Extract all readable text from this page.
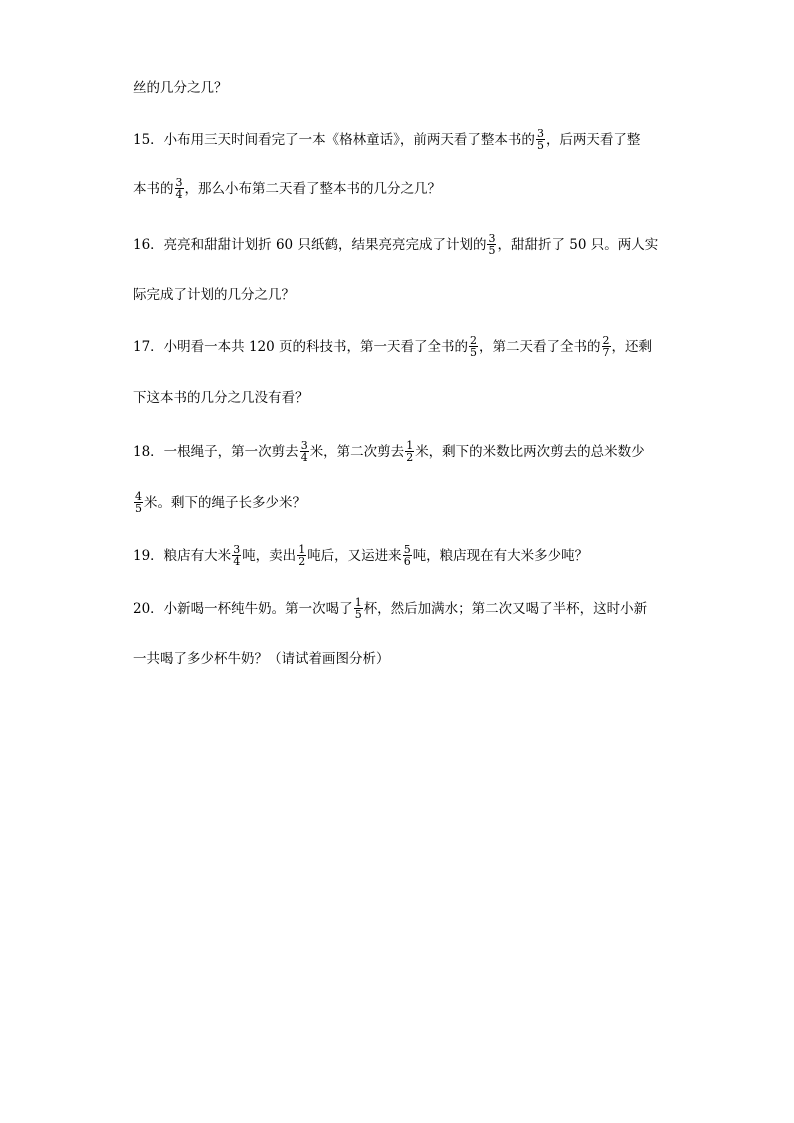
丝的几分之几？
15．小布用三天时间看完了一本《格林童话》，前两天看了整本书的 $\frac{3}{5}$ ，后两天看了整
本书的 $\frac{3}{4}$ ，那么小布第二天看了整本书的几分之几？
16．亮亮和甜甜计划折 60 只纸鹤，结果亮亮完成了计划的 $\frac{3}{5}$ ，甜甜折了 50 只。两人实
际完成了计划的几分之几？
17．小明看一本共 120 页的科技书，第一天看了全书的 $\frac{2}{5}$ ，第二天看了全书的 $\frac{2}{7}$ ，还剩
下这本书的几分之几没有看？
18．一根绳子，第一次剪去 $\frac{3}{4}$ 米，第二次剪去 $\frac{1}{2}$ 米，剩下的米数比两次剪去的总米数少
$\frac{4}{5}$ 米。剩下的绳子长多少米？
19．粮店有大米 $\frac{3}{4}$ 吨，卖出 $\frac{1}{2}$ 吨后，又运进来 $\frac{5}{6}$ 吨，粮店现在有大米多少吨？
20．小新喝一杯纯牛奶。第一次喝了 $\frac{1}{5}$ 杯，然后加满水；第二次又喝了半杯，这时小新
一共喝了多少杯牛奶？（请试着画图分析）
